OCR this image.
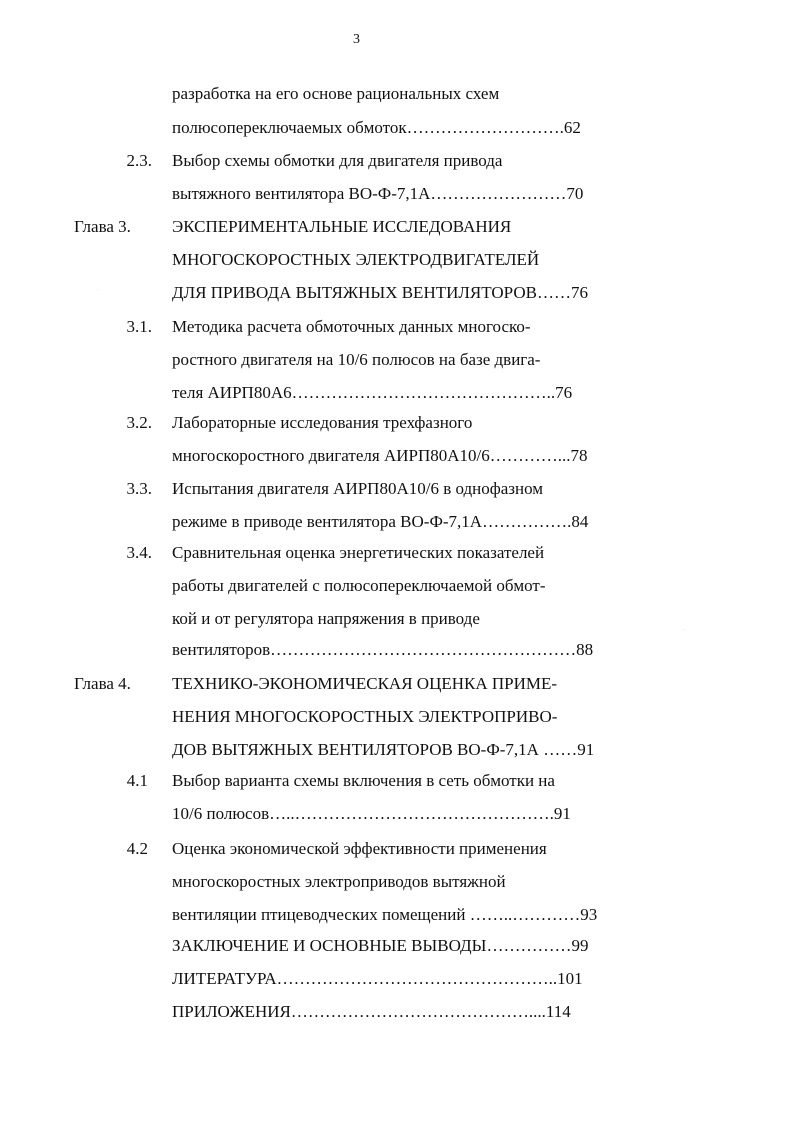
3
разработка на его основе рациональных схем
полюсопереключаемых обмоток……………………….62
Выбор схемы обмотки для двигателя привода
вытяжного вентилятора ВО-Ф-7,1А……………………70
ЭКСПЕРИМЕНТАЛЬНЫЕ ИССЛЕДОВАНИЯ
МНОГОСКОРОСТНЫХ ЭЛЕКТРОДВИГАТЕЛЕЙ
ДЛЯ ПРИВОДА ВЫТЯЖНЫХ ВЕНТИЛЯТОРОВ……76
Методика расчета обмоточных данных многоско-
ростного двигателя на 10/6 полюсов на базе двига-
теля АИРП80А6………………………………………..76
Лабораторные исследования трехфазного
многоскоростного двигателя АИРП80А10/6…………...78
Испытания двигателя АИРП80А10/6 в однофазном
режиме в приводе вентилятора ВО-Ф-7,1А…………….84
Сравнительная оценка энергетических показателей
работы двигателей с полюсопереключаемой обмот-
кой и от регулятора напряжения в приводе
вентиляторов………………………………………………88
ТЕХНИКО-ЭКОНОМИЧЕСКАЯ ОЦЕНКА ПРИМЕ-
НЕНИЯ МНОГОСКОРОСТНЫХ ЭЛЕКТРОПРИВО-
ДОВ ВЫТЯЖНЫХ ВЕНТИЛЯТОРОВ ВО-Ф-7,1А ……91
Выбор варианта схемы включения в сеть обмотки на
10/6 полюсов…..……………………………………….91
Оценка экономической эффективности применения
многоскоростных электроприводов вытяжной
вентиляции птицеводческих помещений ……..…………93
ЗАКЛЮЧЕНИЕ И ОСНОВНЫЕ ВЫВОДЫ……………99
ЛИТЕРАТУРА…………………………………………..101
ПРИЛОЖЕНИЯ……………………………………....114
2.3.
3.1.
3.2.
3.3.
3.4.
4.1
4.2
Глава 3.
Глава 4.
·
·
